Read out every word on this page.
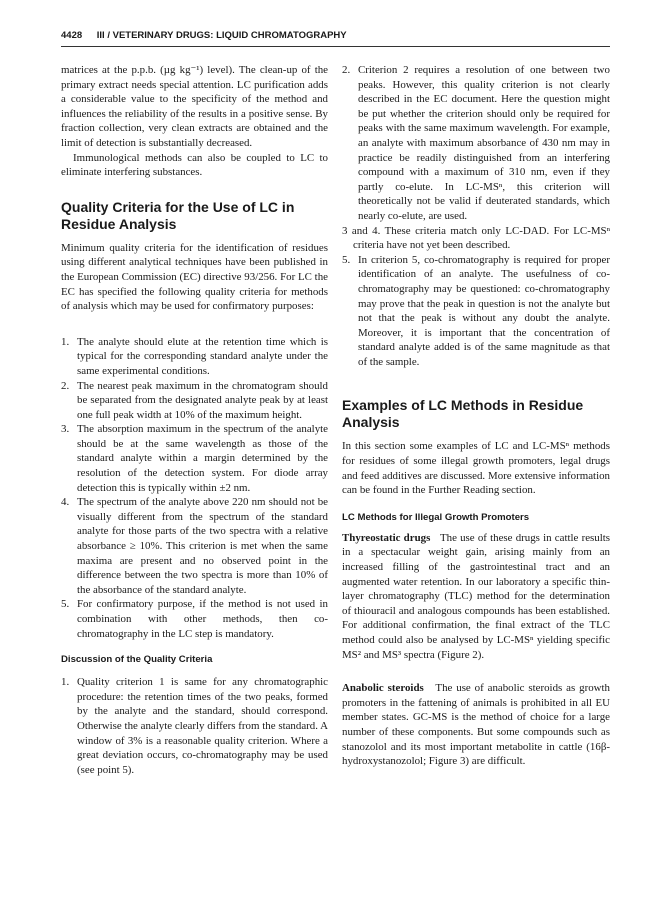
4428 III / VETERINARY DRUGS: LIQUID CHROMATOGRAPHY

matrices at the p.p.b. (µg kg⁻¹) level). The clean-up of the primary extract needs special attention. LC purification adds a considerable value to the specificity of the method and influences the reliability of the results in a positive sense. By fraction collection, very clean extracts are obtained and the limit of detection is substantially decreased.

Immunological methods can also be coupled to LC to eliminate interfering substances.

Quality Criteria for the Use of LC in Residue Analysis

Minimum quality criteria for the identification of residues using different analytical techniques have been published in the European Commission (EC) directive 93/256. For LC the EC has specified the following quality criteria for methods of analysis which may be used for confirmatory purposes:

1. The analyte should elute at the retention time which is typical for the corresponding standard analyte under the same experimental conditions.
2. The nearest peak maximum in the chromatogram should be separated from the designated analyte peak by at least one full peak width at 10% of the maximum height.
3. The absorption maximum in the spectrum of the analyte should be at the same wavelength as those of the standard analyte within a margin determined by the resolution of the detection system. For diode array detection this is typically within ±2 nm.
4. The spectrum of the analyte above 220 nm should not be visually different from the spectrum of the standard analyte for those parts of the two spectra with a relative absorbance ≥ 10%. This criterion is met when the same maxima are present and no observed point in the difference between the two spectra is more than 10% of the absorbance of the standard analyte.
5. For confirmatory purpose, if the method is not used in combination with other methods, then co-chromatography in the LC step is mandatory.
Discussion of the Quality Criteria
1. Quality criterion 1 is same for any chromatographic procedure: the retention times of the two peaks, formed by the analyte and the standard, should correspond. Otherwise the analyte clearly differs from the standard. A window of 3% is a reasonable quality criterion. Where a great deviation occurs, co-chromatography may be used (see point 5).
2. Criterion 2 requires a resolution of one between two peaks. However, this quality criterion is not clearly described in the EC document. Here the question might be put whether the criterion should only be required for peaks with the same maximum wavelength. For example, an analyte with maximum absorbance of 430 nm may in practice be readily distinguished from an interfering compound with a maximum of 310 nm, even if they partly co-elute. In LC-MSⁿ, this criterion will theoretically not be valid if deuterated standards, which nearly co-elute, are used.

3 and 4. These criteria match only LC-DAD. For LC-MSⁿ criteria have not yet been described.

5. In criterion 5, co-chromatography is required for proper identification of an analyte. The usefulness of co-chromatography may be questioned: co-chromatography may prove that the peak in question is not the analyte but not that the peak is without any doubt the analyte. Moreover, it is important that the concentration of standard analyte added is of the same magnitude as that of the sample.
Examples of LC Methods in Residue Analysis

In this section some examples of LC and LC-MSⁿ methods for residues of some illegal growth promoters, legal drugs and feed additives are discussed. More extensive information can be found in the Further Reading section.

LC Methods for Illegal Growth Promoters

Thyreostatic drugs The use of these drugs in cattle results in a spectacular weight gain, arising mainly from an increased filling of the gastrointestinal tract and an augmented water retention. In our laboratory a specific thin-layer chromatography (TLC) method for the determination of thiouracil and analogous compounds has been established. For additional confirmation, the final extract of the TLC method could also be analysed by LC-MSⁿ yielding specific MS² and MS³ spectra (Figure 2).

Anabolic steroids The use of anabolic steroids as growth promoters in the fattening of animals is prohibited in all EU member states. GC-MS is the method of choice for a large number of these components. But some compounds such as stanozolol and its most important metabolite in cattle (16β-hydroxystanozolol; Figure 3) are difficult.
